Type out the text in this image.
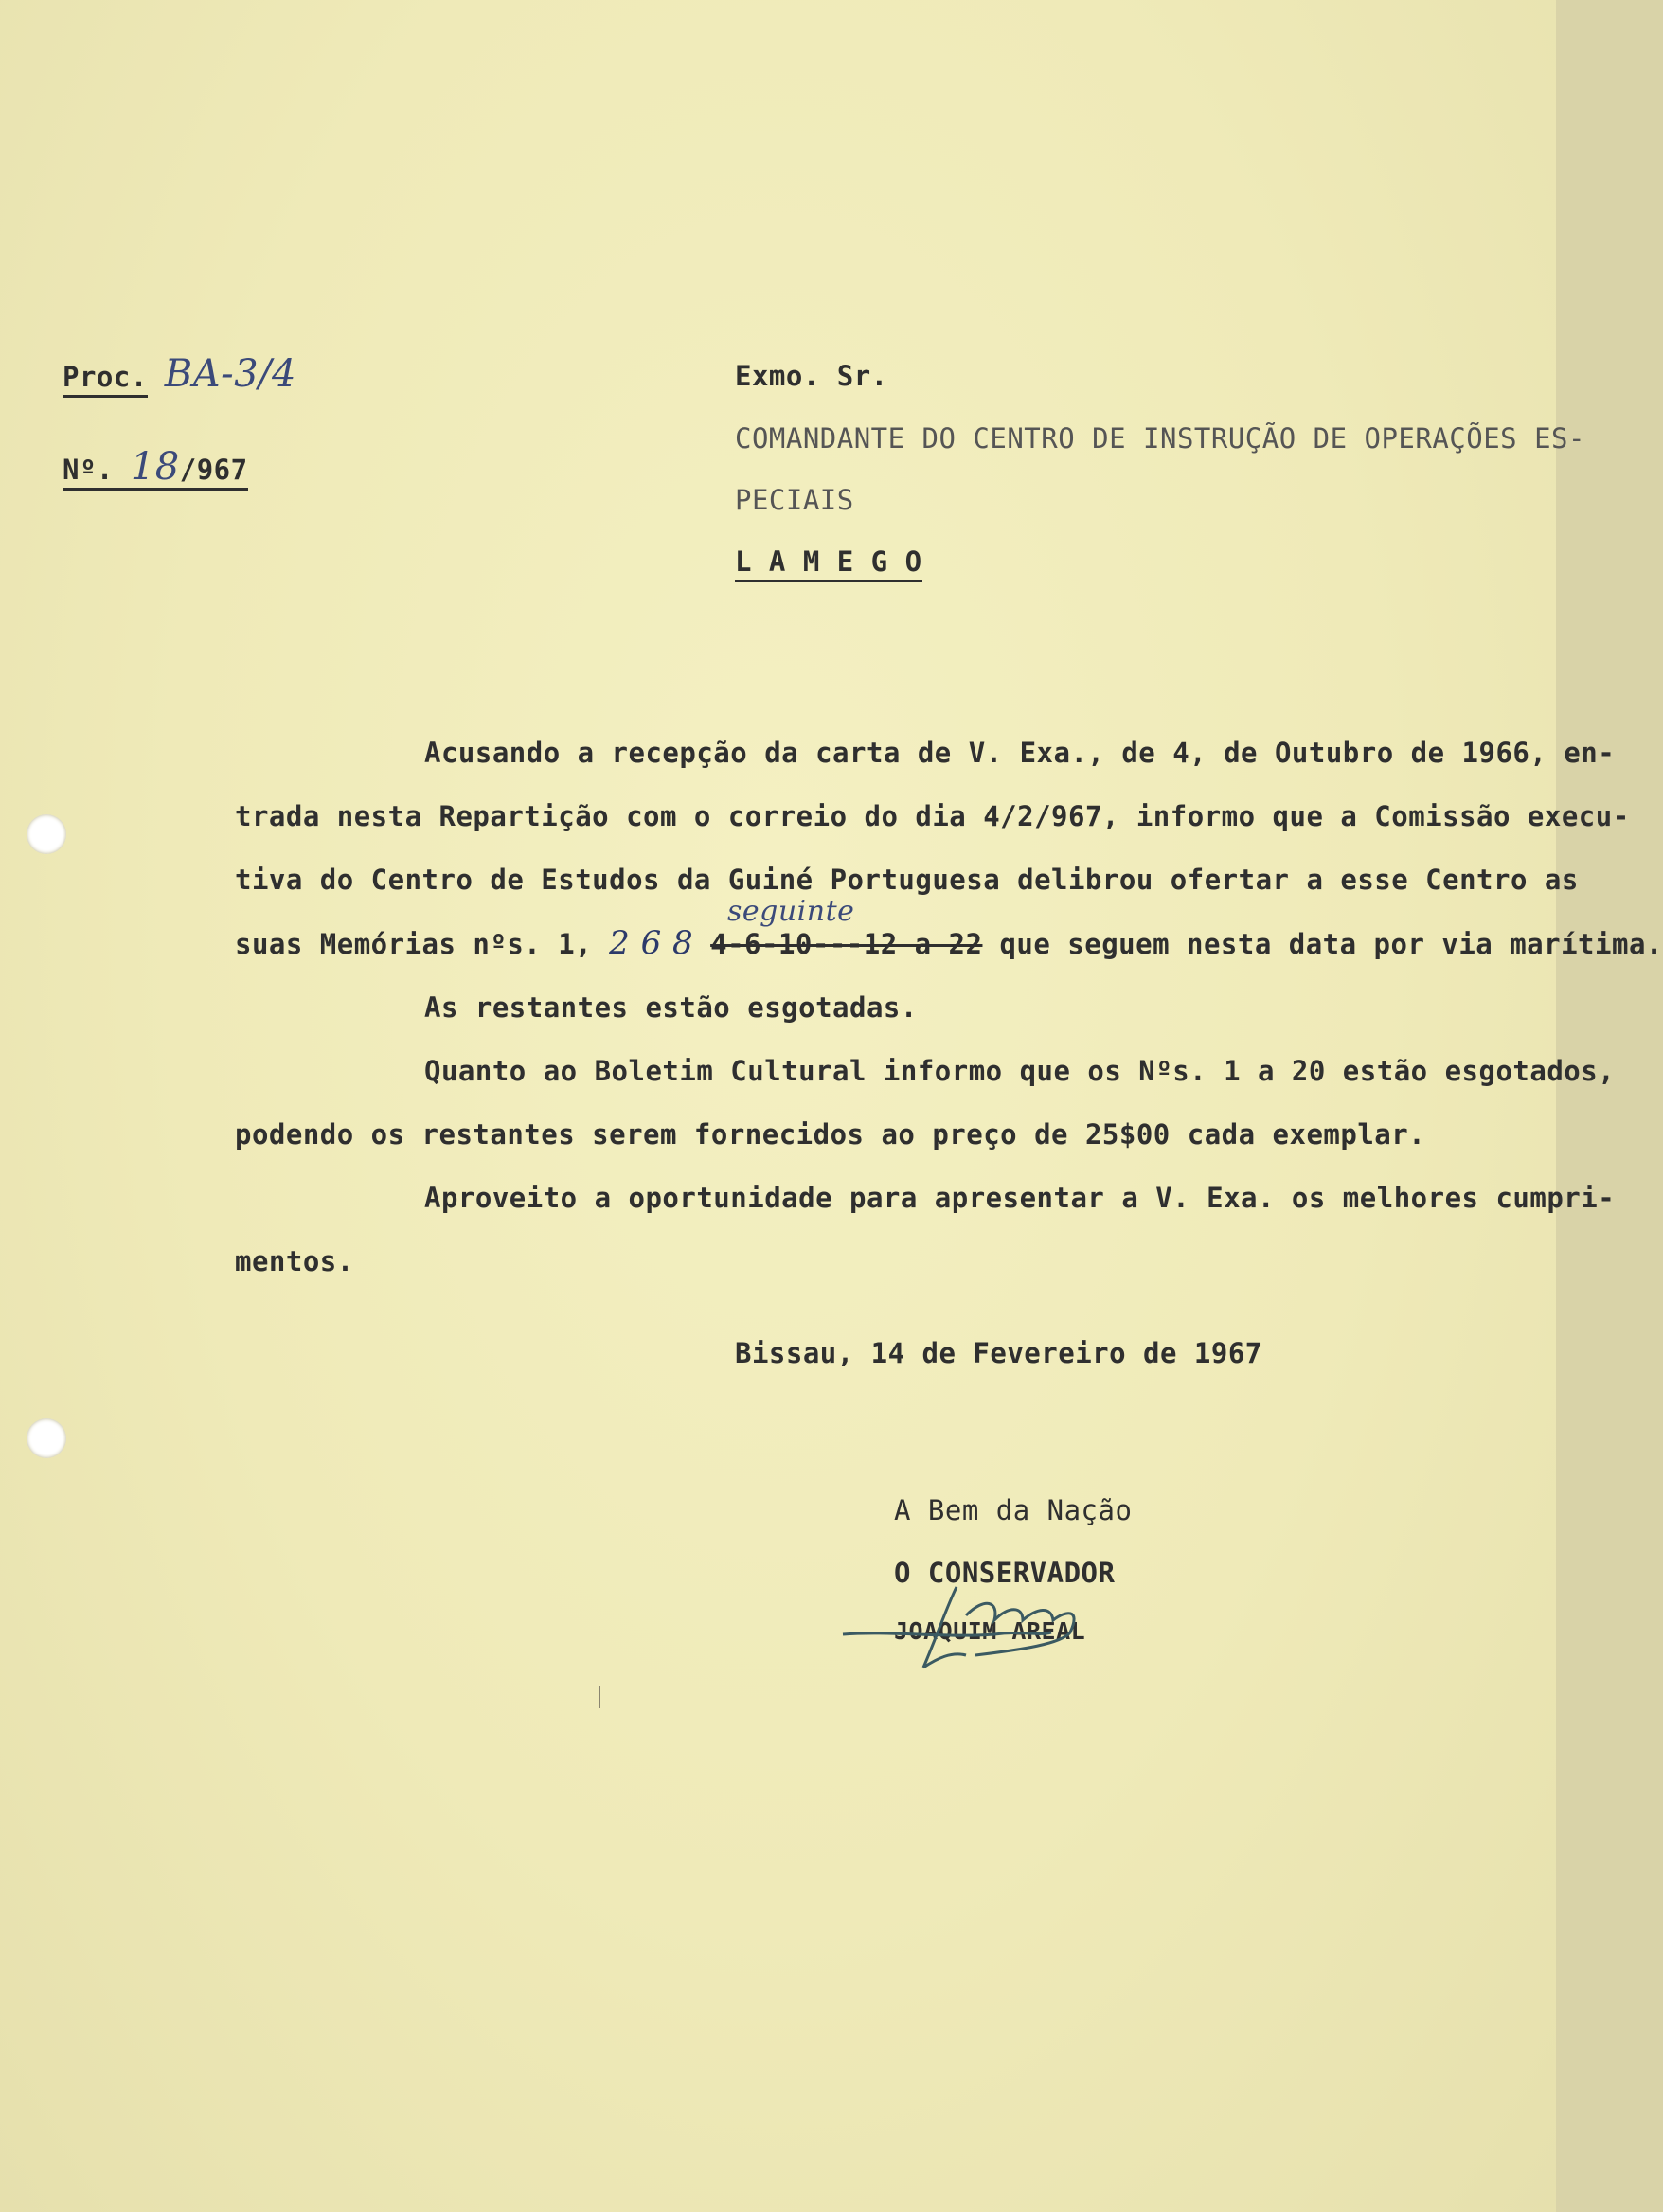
Proc. BA-3/4
Nº. 18/967
Exmo. Sr.
COMANDANTE DO CENTRO DE INSTRUÇÃO DE OPERAÇÕES ES-
PECIAIS
L A M E G O
Acusando a recepção da carta de V. Exa., de 4, de Outubro de 1966, en-
trada nesta Repartição com o correio do dia 4/2/967, informo que a Comissão execu-
tiva do Centro de Estudos da Guiné Portuguesa delibrou ofertar a esse Centro as
suas Memórias nºs. 1, 2 6 8 4-6-10---12 a 22
seguinte
que seguem nesta data por via marítima.
As restantes estão esgotadas.
Quanto ao Boletim Cultural informo que os Nºs. 1 a 20 estão esgotados,
podendo os restantes serem fornecidos ao preço de 25$00 cada exemplar.
Aproveito a oportunidade para apresentar a V. Exa. os melhores cumpri-
mentos.
Bissau, 14 de Fevereiro de 1967
A Bem da Nação
O CONSERVADOR
JOAQUIM AREAL
